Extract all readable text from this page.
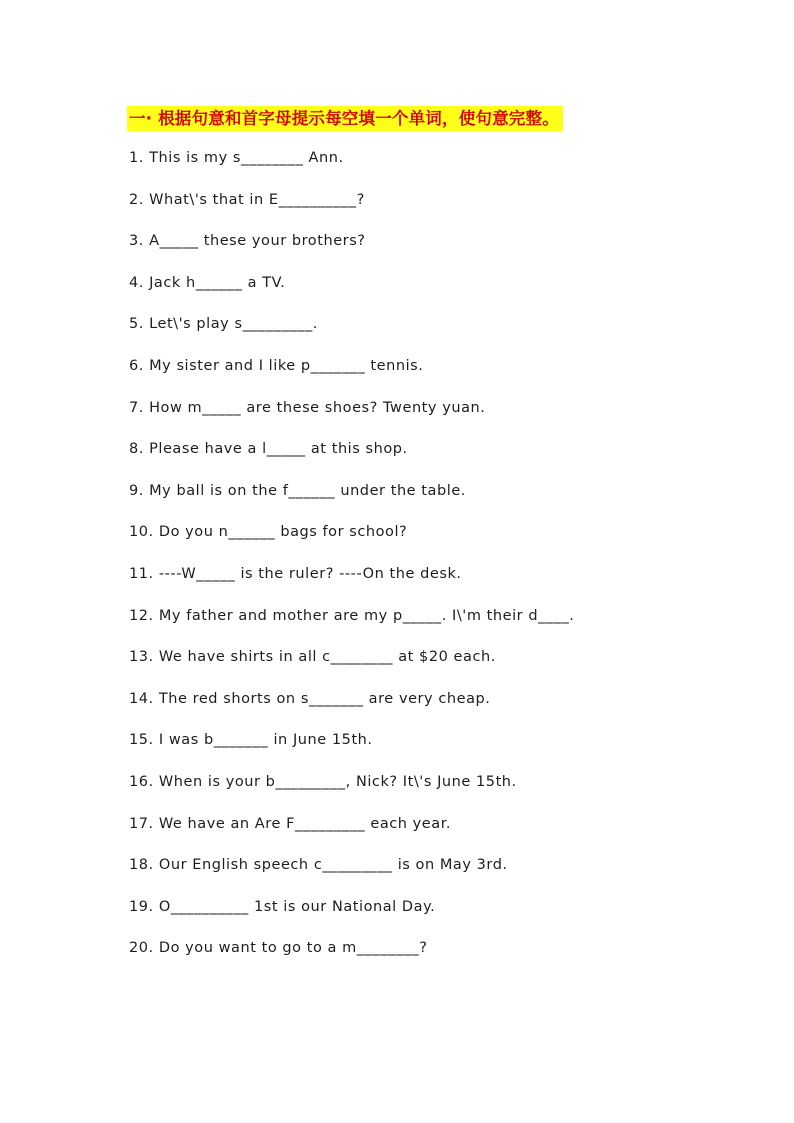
一· 根据句意和首字母提示每空填一个单词，使句意完整。
1. This is my s________ Ann.
2. What\'s that in E__________?
3. A_____ these your brothers?
4. Jack h______ a TV.
5. Let\'s play s_________.
6. My sister and I like p_______ tennis.
7. How m_____ are these shoes? Twenty yuan.
8. Please have a l_____ at this shop.
9. My ball is on the f______ under the table.
10. Do you n______ bags for school?
11. ----W_____ is the ruler? ----On the desk.
12. My father and mother are my p_____. I\'m their d____.
13. We have shirts in all c________ at $20 each.
14. The red shorts on s_______ are very cheap.
15. I was b_______ in June 15th.
16. When is your b_________, Nick? It\'s June 15th.
17. We have an Are F_________ each year.
18. Our English speech c_________ is on May 3rd.
19. O__________ 1st is our National Day.
20. Do you want to go to a m________?
